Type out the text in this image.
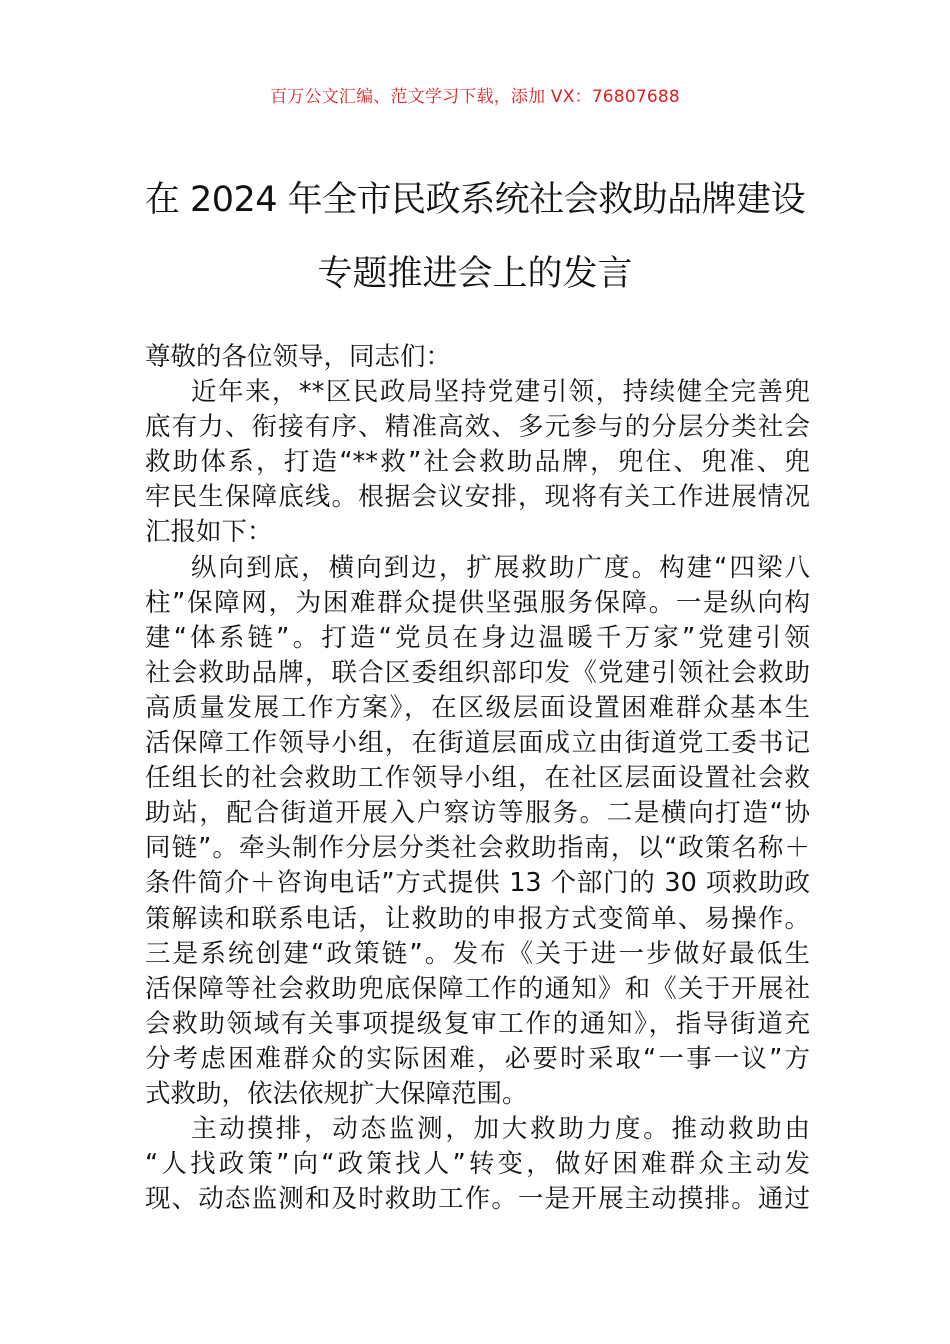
百万公文汇编、范文学习下载，添加 VX：76807688
在 2024 年全市民政系统社会救助品牌建设
专题推进会上的发言
尊敬的各位领导，同志们：
近年来，**区民政局坚持党建引领，持续健全完善兜
底有力、衔接有序、精准高效、多元参与的分层分类社会
救助体系，打造“**救”社会救助品牌，兜住、兜准、兜
牢民生保障底线。根据会议安排，现将有关工作进展情况
汇报如下：
纵向到底，横向到边，扩展救助广度。构建“四梁八
柱”保障网，为困难群众提供坚强服务保障。一是纵向构
建“体系链”。打造“党员在身边温暖千万家”党建引领
社会救助品牌，联合区委组织部印发《党建引领社会救助
高质量发展工作方案》，在区级层面设置困难群众基本生
活保障工作领导小组，在街道层面成立由街道党工委书记
任组长的社会救助工作领导小组，在社区层面设置社会救
助站，配合街道开展入户察访等服务。二是横向打造“协
同链”。牵头制作分层分类社会救助指南，以“政策名称＋
条件简介＋咨询电话”方式提供 13 个部门的 30 项救助政
策解读和联系电话，让救助的申报方式变简单、易操作。
三是系统创建“政策链”。发布《关于进一步做好最低生
活保障等社会救助兜底保障工作的通知》和《关于开展社
会救助领域有关事项提级复审工作的通知》，指导街道充
分考虑困难群众的实际困难，必要时采取“一事一议”方
式救助，依法依规扩大保障范围。
主动摸排，动态监测，加大救助力度。推动救助由
“人找政策”向“政策找人”转变，做好困难群众主动发
现、动态监测和及时救助工作。一是开展主动摸排。通过
